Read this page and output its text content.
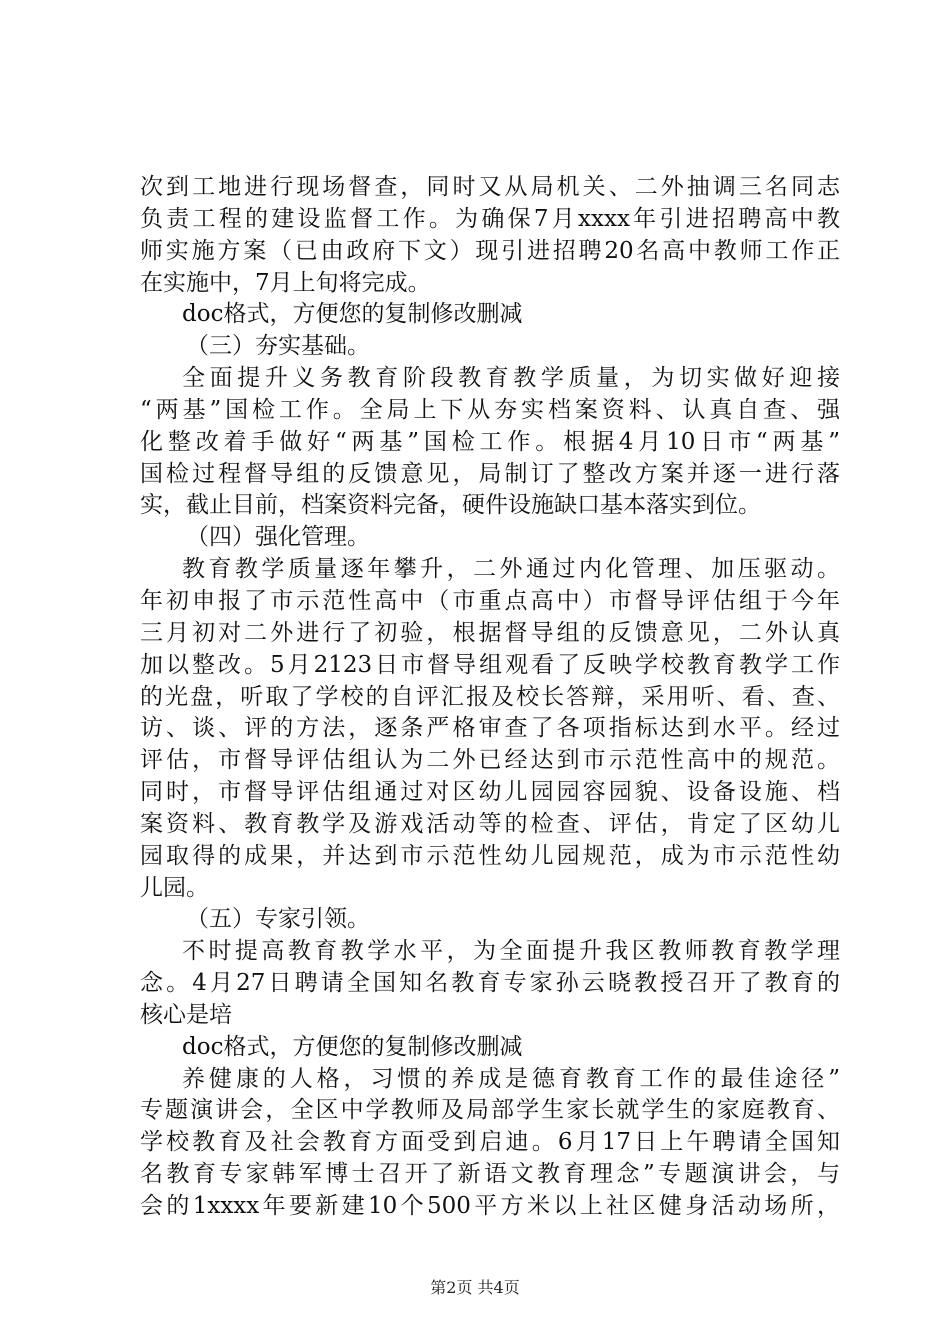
次到工地进行现场督查，同时又从局机关、二外抽调三名同志
负责工程的建设监督工作。为确保7月xxxx年引进招聘高中教
师实施方案（已由政府下文）现引进招聘20名高中教师工作正
在实施中，7月上旬将完成。
doc格式，方便您的复制修改删减
（三）夯实基础。
全面提升义务教育阶段教育教学质量，为切实做好迎接
“两基”国检工作。全局上下从夯实档案资料、认真自查、强
化整改着手做好“两基”国检工作。根据4月10日市“两基”
国检过程督导组的反馈意见，局制订了整改方案并逐一进行落
实，截止目前，档案资料完备，硬件设施缺口基本落实到位。
（四）强化管理。
教育教学质量逐年攀升，二外通过内化管理、加压驱动。
年初申报了市示范性高中（市重点高中）市督导评估组于今年
三月初对二外进行了初验，根据督导组的反馈意见，二外认真
加以整改。5月2123日市督导组观看了反映学校教育教学工作
的光盘，听取了学校的自评汇报及校长答辩，采用听、看、查、
访、谈、评的方法，逐条严格审查了各项指标达到水平。经过
评估，市督导评估组认为二外已经达到市示范性高中的规范。
同时，市督导评估组通过对区幼儿园园容园貌、设备设施、档
案资料、教育教学及游戏活动等的检查、评估，肯定了区幼儿
园取得的成果，并达到市示范性幼儿园规范，成为市示范性幼
儿园。
（五）专家引领。
不时提高教育教学水平，为全面提升我区教师教育教学理
念。4月27日聘请全国知名教育专家孙云晓教授召开了教育的
核心是培
doc格式，方便您的复制修改删减
养健康的人格，习惯的养成是德育教育工作的最佳途径”
专题演讲会，全区中学教师及局部学生家长就学生的家庭教育、
学校教育及社会教育方面受到启迪。6月17日上午聘请全国知
名教育专家韩军博士召开了新语文教育理念”专题演讲会，与
会的1xxxx年要新建10个500平方米以上社区健身活动场所，
第2页 共4页
